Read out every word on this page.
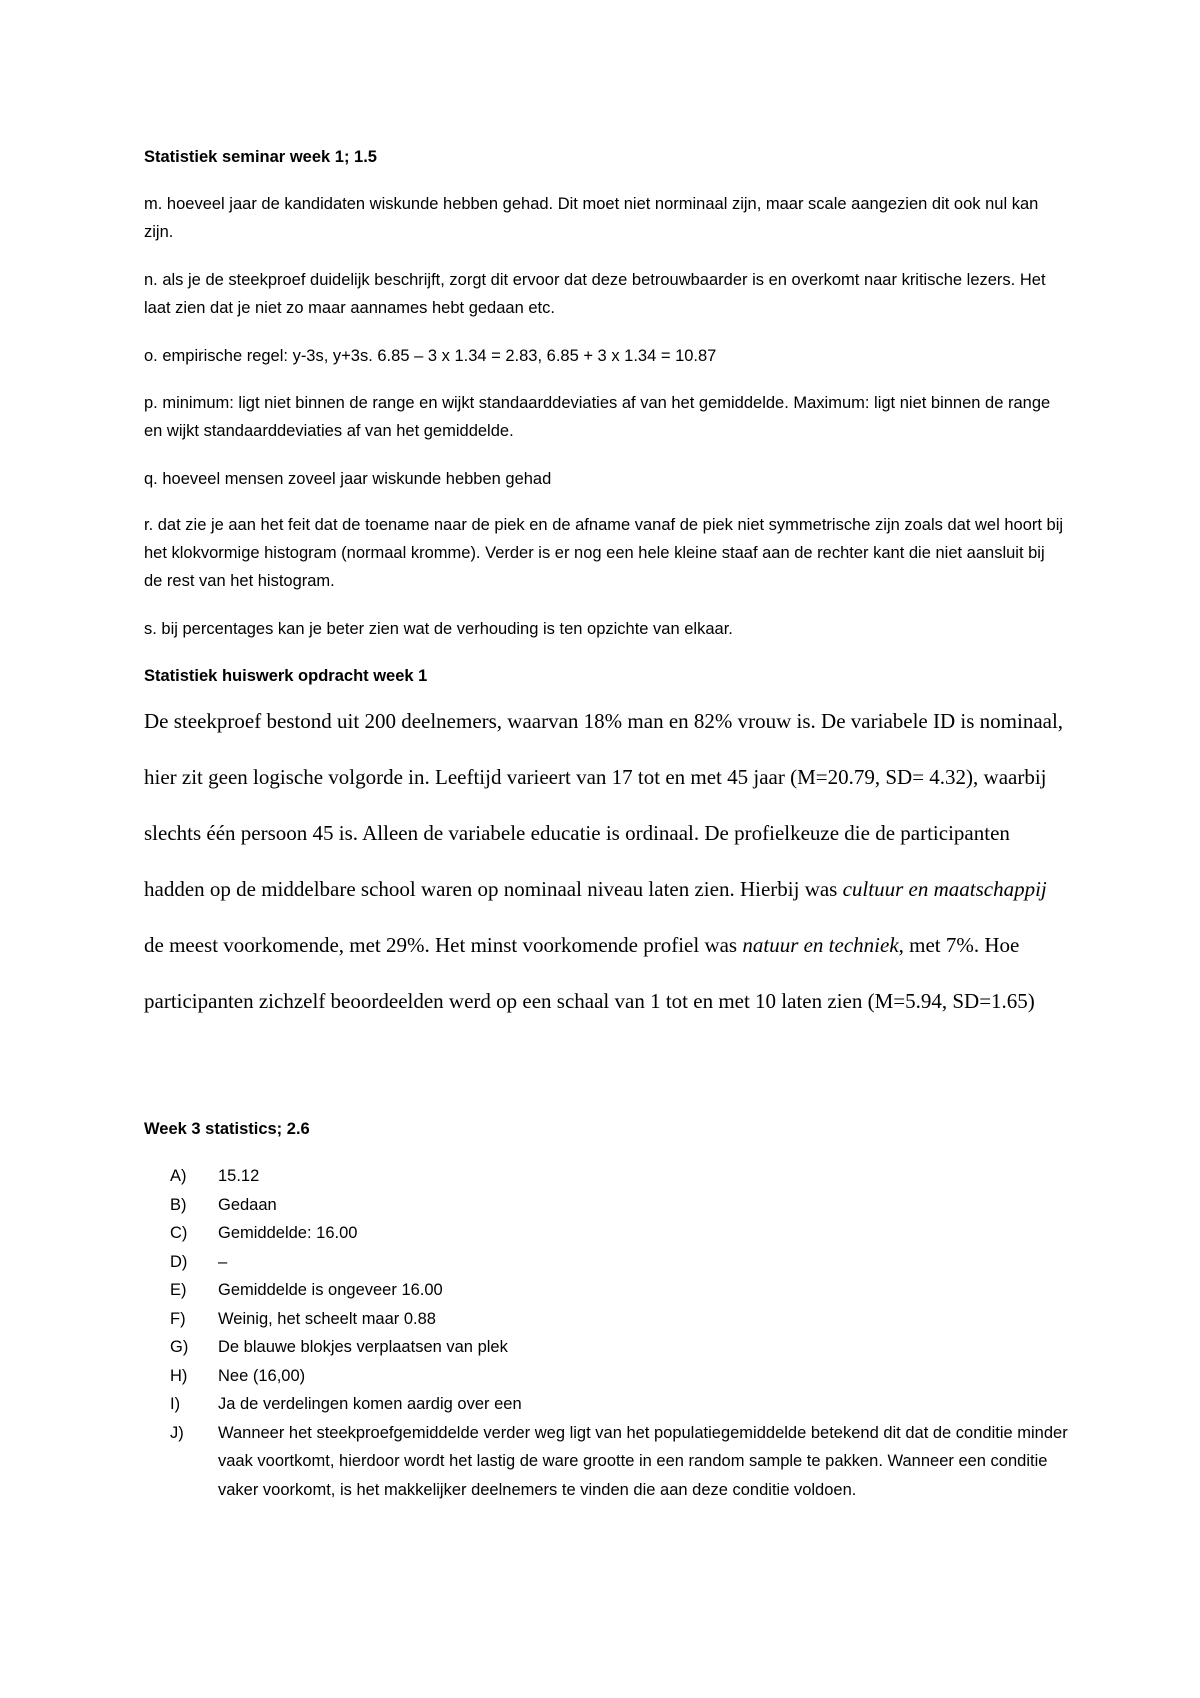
Statistiek seminar week 1; 1.5

m. hoeveel jaar de kandidaten wiskunde hebben gehad. Dit moet niet norminaal zijn, maar scale aangezien dit ook nul kan zijn.

n. als je de steekproef duidelijk beschrijft, zorgt dit ervoor dat deze betrouwbaarder is en overkomt naar kritische lezers. Het laat zien dat je niet zo maar aannames hebt gedaan etc.

o. empirische regel: y-3s, y+3s. 6.85 – 3 x 1.34 = 2.83, 6.85 + 3 x 1.34 = 10.87

p. minimum: ligt niet binnen de range en wijkt standaarddeviaties af van het gemiddelde. Maximum: ligt niet binnen de range en wijkt standaarddeviaties af van het gemiddelde.

q. hoeveel mensen zoveel jaar wiskunde hebben gehad

r. dat zie je aan het feit dat de toename naar de piek en de afname vanaf de piek niet symmetrische zijn zoals dat wel hoort bij het klokvormige histogram (normaal kromme). Verder is er nog een hele kleine staaf aan de rechter kant die niet aansluit bij de rest van het histogram.

s. bij percentages kan je beter zien wat de verhouding is ten opzichte van elkaar.

Statistiek huiswerk opdracht week 1

De steekproef bestond uit 200 deelnemers, waarvan 18% man en 82% vrouw is. De variabele ID is nominaal, hier zit geen logische volgorde in. Leeftijd varieert van 17 tot en met 45 jaar (M=20.79, SD= 4.32), waarbij slechts één persoon 45 is. Alleen de variabele educatie is ordinaal. De profielkeuze die de participanten hadden op de middelbare school waren op nominaal niveau laten zien. Hierbij was cultuur en maatschappij de meest voorkomende, met 29%. Het minst voorkomende profiel was natuur en techniek, met 7%. Hoe participanten zichzelf beoordeelden werd op een schaal van 1 tot en met 10 laten zien (M=5.94, SD=1.65)

Week 3 statistics; 2.6

A) 15.12
B) Gedaan
C) Gemiddelde: 16.00
D) –
E) Gemiddelde is ongeveer 16.00
F) Weinig, het scheelt maar 0.88
G) De blauwe blokjes verplaatsen van plek
H) Nee (16,00)
I) Ja de verdelingen komen aardig over een
J) Wanneer het steekproefgemiddelde verder weg ligt van het populatiegemiddelde betekend dit dat de conditie minder vaak voortkomt, hierdoor wordt het lastig de ware grootte in een random sample te pakken. Wanneer een conditie vaker voorkomt, is het makkelijker deelnemers te vinden die aan deze conditie voldoen.
